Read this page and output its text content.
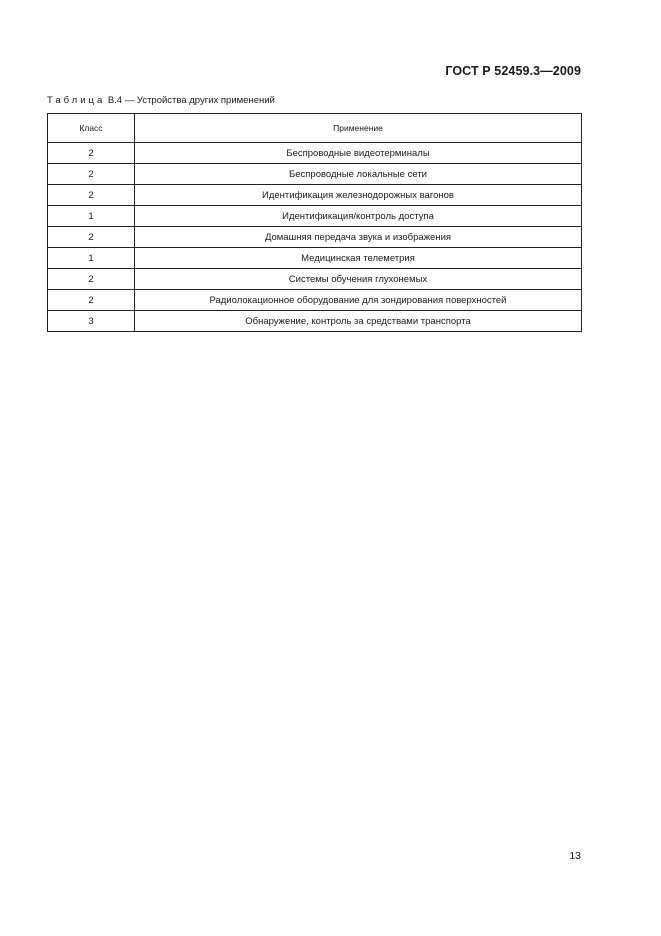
ГОСТ Р 52459.3—2009
Таблица В.4 — Устройства других применений
Класс	Применение
2	Беспроводные видеотерминалы
2	Беспроводные локальные сети
2	Идентификация железнодорожных вагонов
1	Идентификация/контроль доступа
2	Домашняя передача звука и изображения
1	Медицинская телеметрия
2	Системы обучения глухонемых
2	Радиолокационное оборудование для зондирования поверхностей
3	Обнаружение, контроль за средствами транспорта
13
